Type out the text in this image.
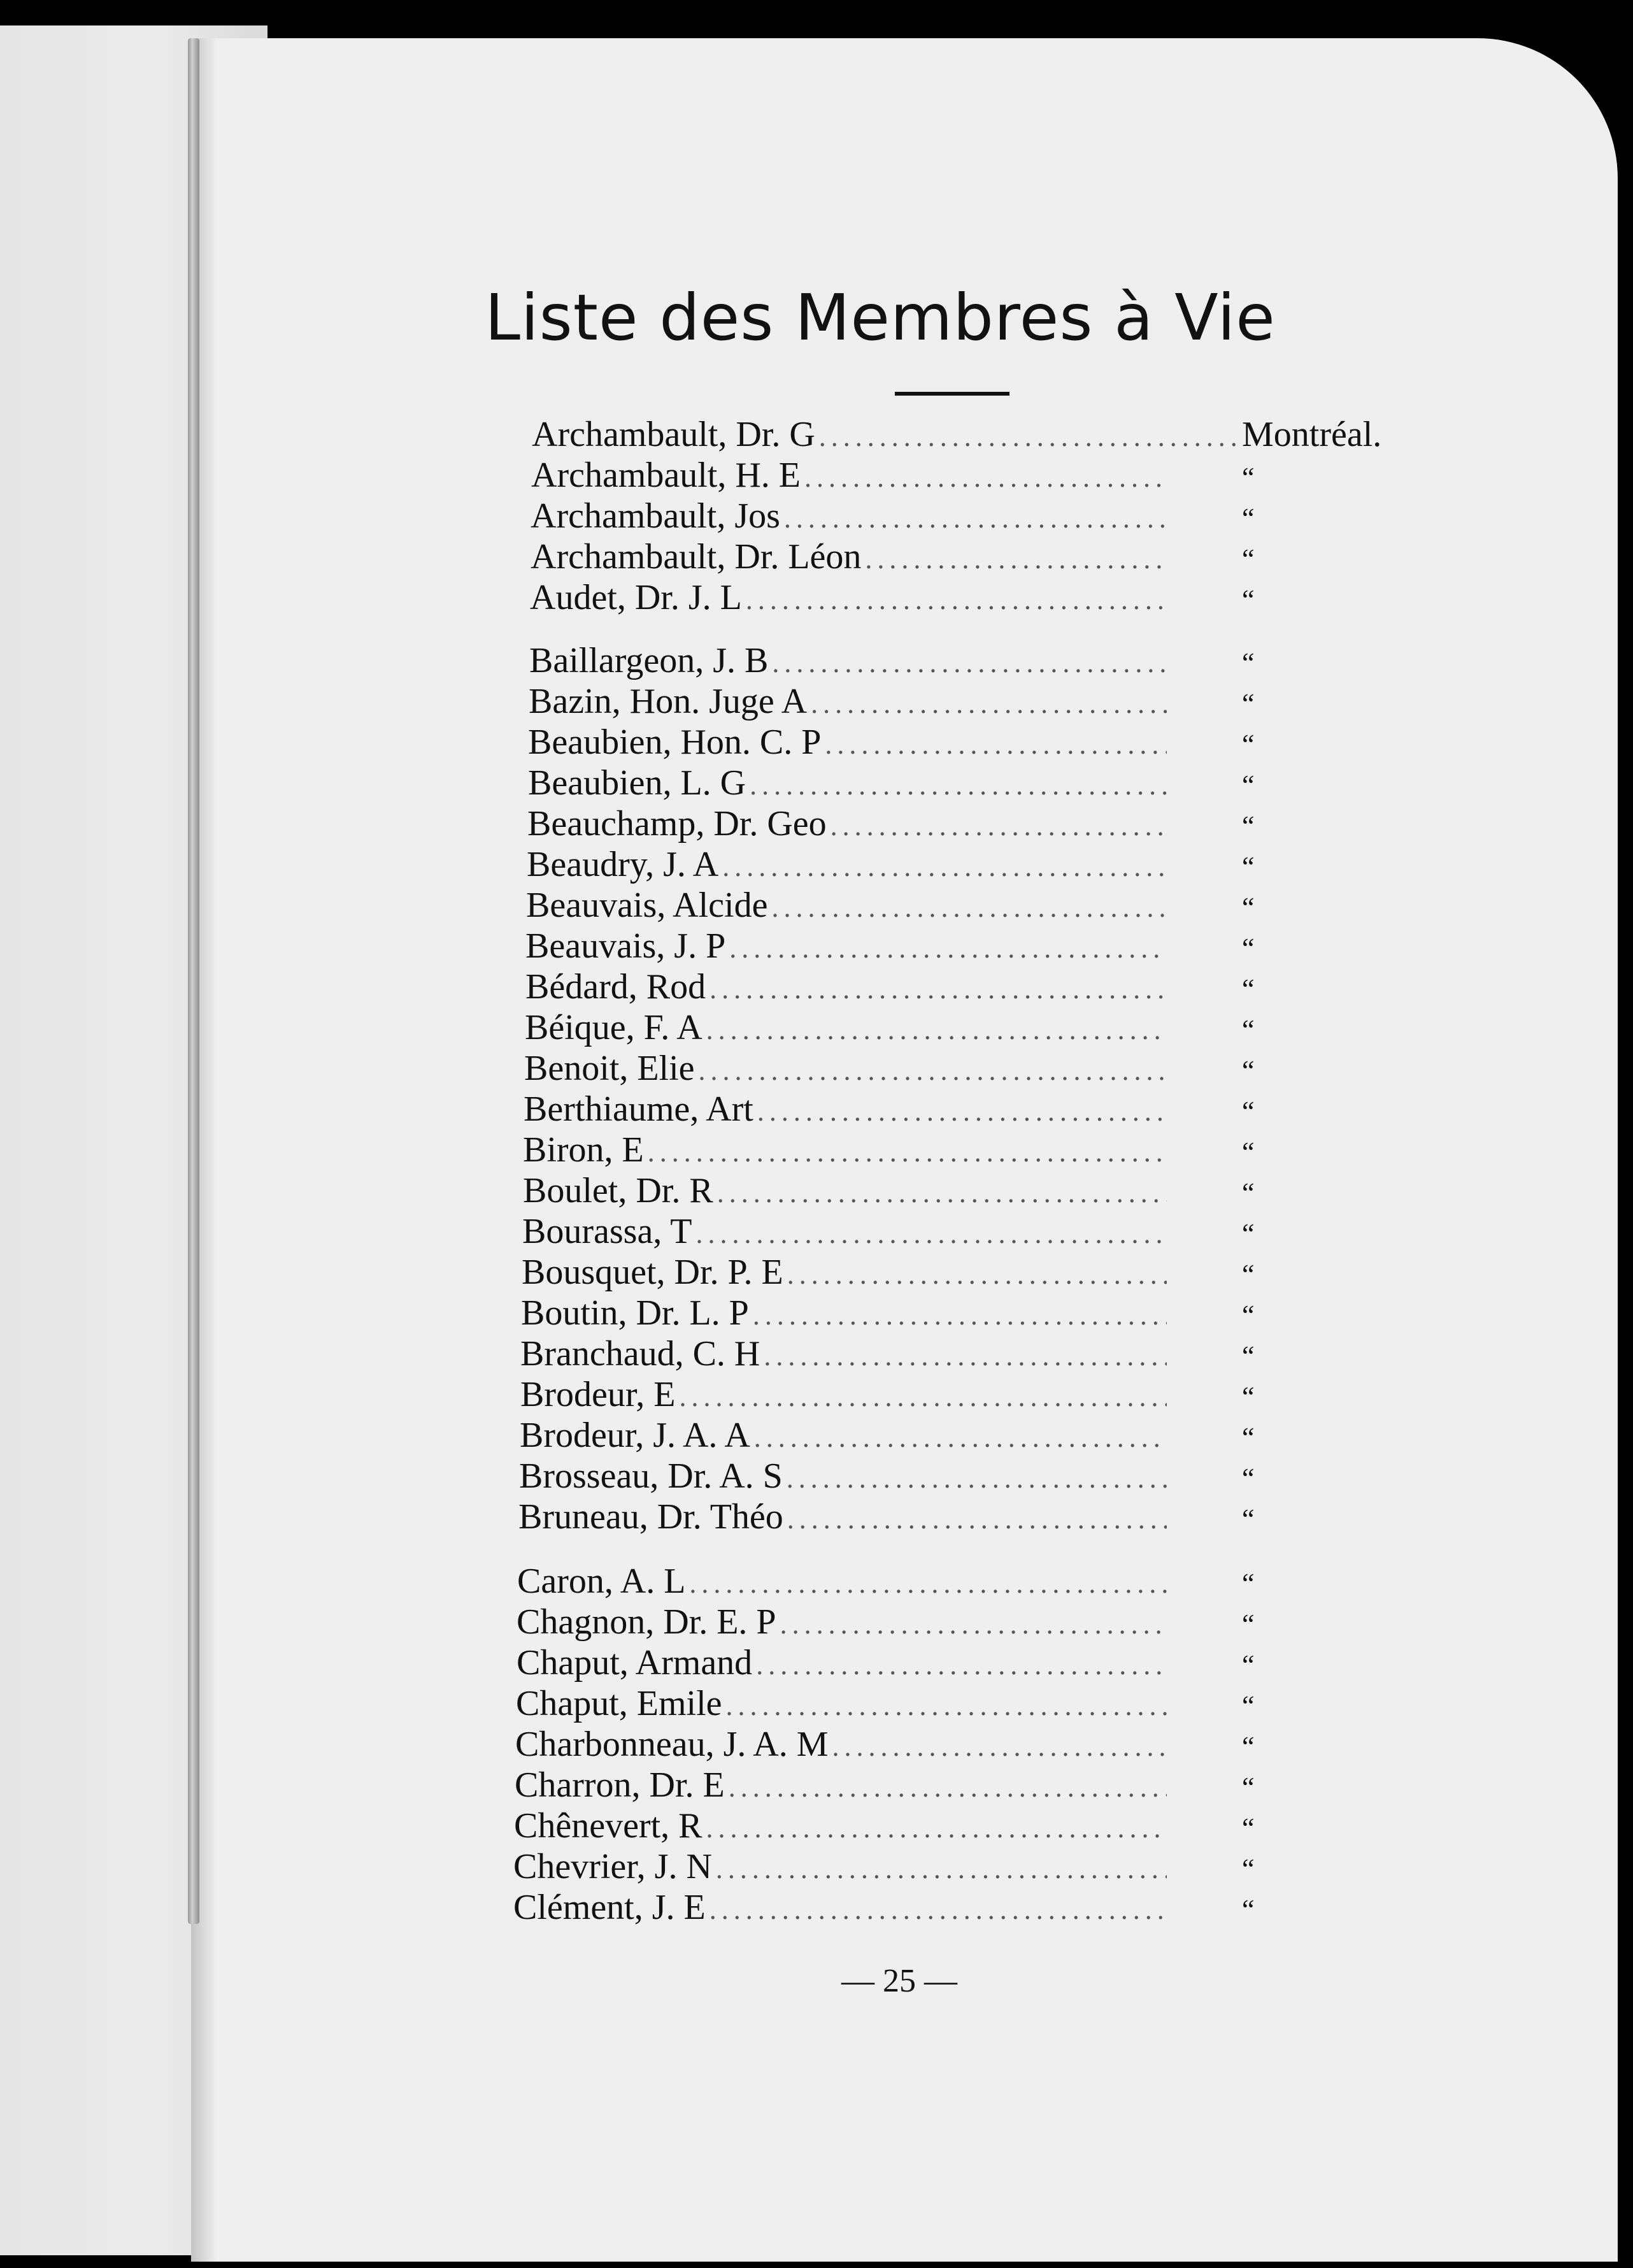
Liste des Membres à Vie
Archambault, Dr. G .....	Montréal.
Archambault, H. E .....	“
Archambault, Jos .....	“
Archambault, Dr. Léon .....	“
Audet, Dr. J. L .....	“
Baillargeon, J. B .....	“
Bazin, Hon. Juge A .....	“
Beaubien, Hon. C. P .....	“
Beaubien, L. G .....	“
Beauchamp, Dr. Geo .....	“
Beaudry, J. A .....	“
Beauvais, Alcide .....	“
Beauvais, J. P .....	“
Bédard, Rod .....	“
Béique, F. A .....	“
Benoit, Elie .....	“
Berthiaume, Art .....	“
Biron, E .....	“
Boulet, Dr. R .....	“
Bourassa, T .....	“
Bousquet, Dr. P. E .....	“
Boutin, Dr. L. P .....	“
Branchaud, C. H .....	“
Brodeur, E .....	“
Brodeur, J. A. A .....	“
Brosseau, Dr. A. S .....	“
Bruneau, Dr. Théo .....	“
Caron, A. L .....	“
Chagnon, Dr. E. P .....	“
Chaput, Armand .....	“
Chaput, Emile .....	“
Charbonneau, J. A. M .....	“
Charron, Dr. E .....	“
Chênevert, R .....	“
Chevrier, J. N .....	“
Clément, J. E .....	“
— 25 —
